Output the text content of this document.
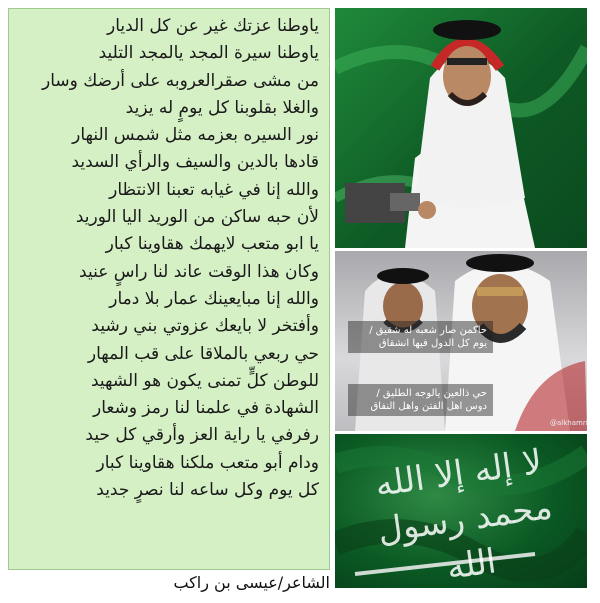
ياوطنا عزتك غير عن كل الديار
ياوطنا سيرة المجد يالمجد التليد
من مشى صقرالعروبه على أرضك وسار
والغلا بقلوبنا كل يومٍ له يزيد
نور السيره بعزمه مثل شمس النهار
قادها بالدين والسيف والرأي السديد
والله إنا في غيابه تعبنا الانتظار
لأن حبه ساكن من الوريد اليا الوريد
يا ابو متعب لايهمك هقاوينا كبار
وكان هذا الوقت عاند لنا راسٍ عنيد
والله إنا مبايعينك عمار بلا دمار
وأفتخر لا بايعك عزوتي بني رشيد
حي ربعي بالملاقا على قب المهار
للوطن كلٍّ تمنى يكون هو الشهيد
الشهادة في علمنا لنا رمز وشعار
رفرفي يا راية العز وأرقي كل حيد
ودام أبو متعب ملكنا هقاوينا كبار
كل يوم وكل ساعه لنا نصرٍ جديد
الشاعر/عيسى بن راكب
حاكمن صار شعبه له شقيق / يوم كل الدول فيها انشقاق
حي ذالعين يالوجه الطليق / دوس اهل الفتن واهل النفاق
@alkhamri
لا إله إلا الله محمد رسول الله
